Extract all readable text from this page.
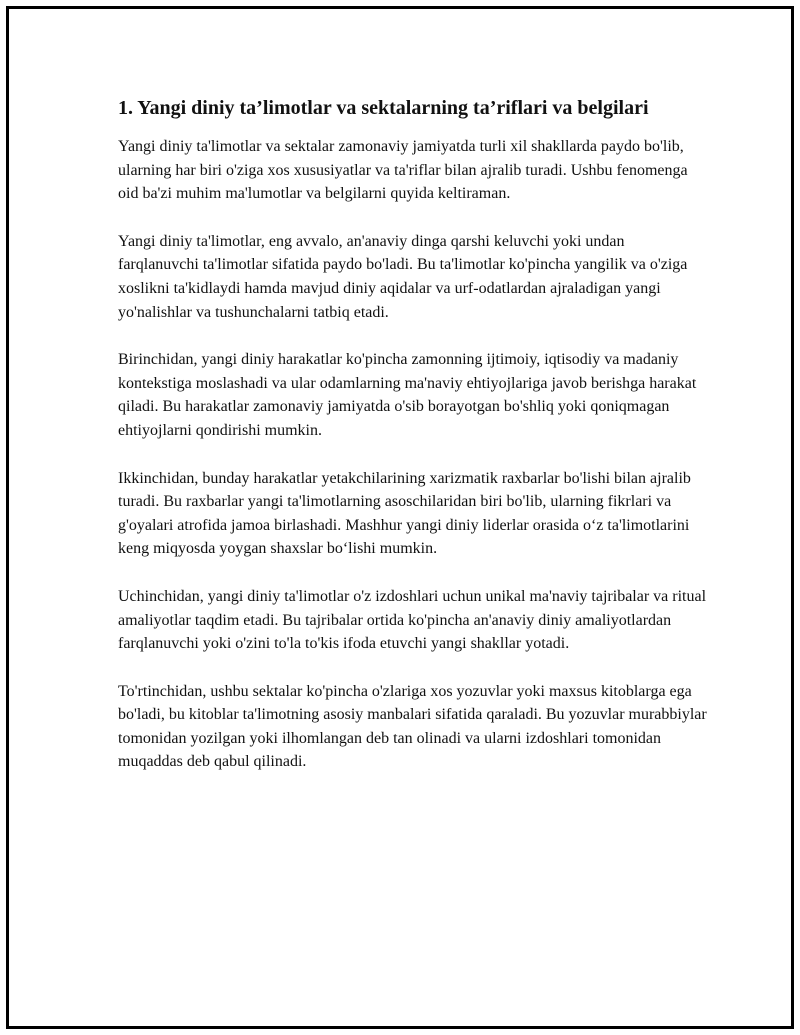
1. Yangi diniy ta’limotlar va sektalarning ta’riflari va belgilari

Yangi diniy ta'limotlar va sektalar zamonaviy jamiyatda turli xil shakllarda paydo bo'lib, ularning har biri o'ziga xos xususiyatlar va ta'riflar bilan ajralib turadi. Ushbu fenomenga oid ba'zi muhim ma'lumotlar va belgilarni quyida keltiraman.

Yangi diniy ta'limotlar, eng avvalo, an'anaviy dinga qarshi keluvchi yoki undan farqlanuvchi ta'limotlar sifatida paydo bo'ladi. Bu ta'limotlar ko'pincha yangilik va o'ziga xoslikni ta'kidlaydi hamda mavjud diniy aqidalar va urf-odatlardan ajraladigan yangi yo'nalishlar va tushunchalarni tatbiq etadi.

Birinchidan, yangi diniy harakatlar ko'pincha zamonning ijtimoiy, iqtisodiy va madaniy kontekstiga moslashadi va ular odamlarning ma'naviy ehtiyojlariga javob berishga harakat qiladi. Bu harakatlar zamonaviy jamiyatda o'sib borayotgan bo'shliq yoki qoniqmagan ehtiyojlarni qondirishi mumkin.

Ikkinchidan, bunday harakatlar yetakchilarining xarizmatik raxbarlar bo'lishi bilan ajralib turadi. Bu raxbarlar yangi ta'limotlarning asoschilaridan biri bo'lib, ularning fikrlari va g'oyalari atrofida jamoa birlashadi. Mashhur yangi diniy liderlar orasida o‘z ta'limotlarini keng miqyosda yoygan shaxslar bo‘lishi mumkin.

Uchinchidan, yangi diniy ta'limotlar o'z izdoshlari uchun unikal ma'naviy tajribalar va ritual amaliyotlar taqdim etadi. Bu tajribalar ortida ko'pincha an'anaviy diniy amaliyotlardan farqlanuvchi yoki o'zini to'la to'kis ifoda etuvchi yangi shakllar yotadi.

To'rtinchidan, ushbu sektalar ko'pincha o'zlariga xos yozuvlar yoki maxsus kitoblarga ega bo'ladi, bu kitoblar ta'limotning asosiy manbalari sifatida qaraladi. Bu yozuvlar murabbiylar tomonidan yozilgan yoki ilhomlangan deb tan olinadi va ularni izdoshlari tomonidan muqaddas deb qabul qilinadi.
